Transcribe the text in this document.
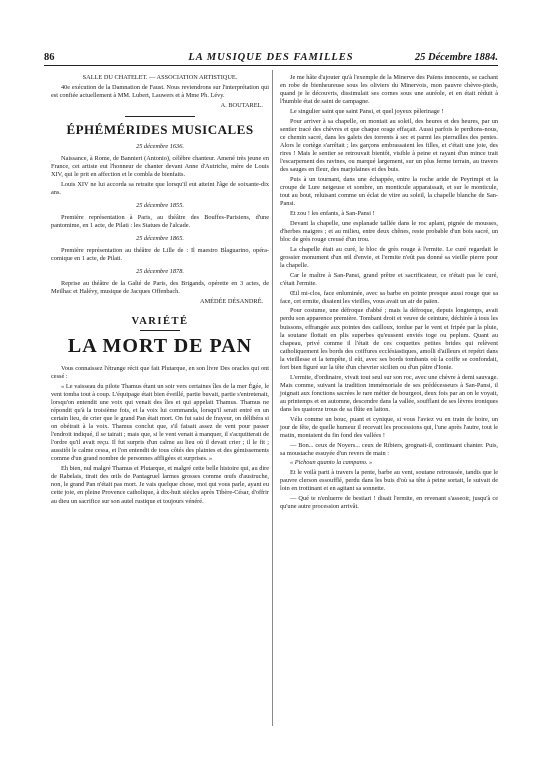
86	LA MUSIQUE DES FAMILLES	25 Décembre 1884.

SALLE DU CHATELET. — ASSOCIATION ARTISTIQUE.

40e exécution de la Damnation de Faust. Nous reviendrons sur l'interprétation qui est confiée actuellement à MM. Lubert, Lauwers et à Mme Ph. Lévy.

A. BOUTAREL.

ÉPHÉMÉRIDES MUSICALES

25 décembre 1636.

Naissance, à Rome, de Bannieri (Antonio), célèbre chanteur. Amené très jeune en France, cet artiste eut l'honneur de chanter devant Anne d'Autriche, mère de Louis XIV, qui le prit en affection et le combla de bienfaits.

Louis XIV ne lui accorda sa retraite que lorsqu'il eut atteint l'âge de soixante-dix ans.

25 décembre 1855.

Première représentation à Paris, au théâtre des Bouffes-Parisiens, d'une pantomime, en 1 acte, de Pilati : les Statues de l'alcade.

25 décembre 1865.

Première représentation au théâtre de Lille de : Il maestro Blaguarino, opéra-comique en 1 acte, de Pilati.

25 décembre 1878.

Reprise au théâtre de la Gaîté de Paris, des Brigands, opérette en 3 actes, de Meilhac et Halévy, musique de Jacques Offenbach.

AMÉDÉE DÉSANDRÉ.

VARIÉTÉ
LA MORT DE PAN

Vous connaissez l'étrange récit que fait Plutarque, en son livre Des oracles qui ont cessé :

« Le vaisseau du pilote Thamus étant un soir vers certaines îles de la mer Égée, le vent tomba tout à coup. L'équipage était bien éveillé, partie buvait, partie s'entretenait, lorsqu'on entendit une voix qui venait des îles et qui appelait Thamus. Thamus ne répondit qu'à la troisième fois, et la voix lui commanda, lorsqu'il serait entré en un certain lieu, de crier que le grand Pan était mort. On fut saisi de frayeur, on délibéra si on obéirait à la voix. Thamus conclut que, s'il faisait assez de vent pour passer l'endroit indiqué, il se tairait ; mais que, si le vent venait à manquer, il s'acquitterait de l'ordre qu'il avait reçu. Il fut surpris d'un calme au lieu où il devait crier ; il le fit ; aussitôt le calme cessa, et l'on entendit de tous côtés des plaintes et des gémissements comme d'un grand nombre de personnes affligées et surprises. »

Eh bien, nul malgré Thamus et Plutarque, et malgré cette belle histoire qui, au dire de Rabelais, tirait des œils de Pantagruel larmes grosses comme œufs d'austruche, non, le grand Pan n'était pas mort. Je vais quelque chose, moi qui vous parle, ayant eu cette joie, en pleine Provence catholique, à dix-huit siècles après Tibère-César, d'offrir au dieu un sacrifice sur son autel rustique et toujours vénéré.

Je me hâte d'ajouter qu'à l'exemple de la Minerve des Païens innocents, se cachant en robe de bienheureuse sous les oliviers du Minervois, mon pauvre chèvre-pieds, quand je le découvris, dissimulait ses cornes sous une auréole, et en était réduit à l'humble état de saint de campagne.

Le singulier saint que saint Pansi, et quel joyeux pèlerinage !

Pour arriver à sa chapelle, on montait au soleil, des heures et des heures, par un sentier tracé des chèvres et que chaque orage effaçait. Aussi parfois le perdions-nous, ce chemin sacré, dans les galets des torrents à sec et parmi les pierrailles des pentes. Alors le cortège s'arrêtait ; les garçons embrassaient les filles, et c'était une joie, des rires ! Mais le sentier se retrouvait bientôt, visible à peine et rayant d'un mince trait l'escarpement des ravines, ou marqué largement, sur un plus ferme terrain, au travers des sauges en fleur, des marjolaines et des buis.

Puis à un tournant, dans une échappée, entre la roche aride de Peyrimpi et la croupe de Lure neigeuse et sombre, un monticule apparaissait, et sur le monticule, tout au bout, reluisant comme un éclat de vitre au soleil, la chapelle blanche de San-Pansi.

Et zou ! les enfants, à San-Pansi !

Devant la chapelle, une esplanade taillée dans le roc aplani, pignée de mousses, d'herbes maigres ; et au milieu, entre deux chênes, reste probable d'un bois sacré, un bloc de grès rouge creusé d'un trou.

La chapelle était au curé, le bloc de grès rouge à l'ermite. Le curé regardait le grossier monument d'un œil d'envie, et l'ermite n'eût pas donné sa vieille pierre pour la chapelle.

Car le maître à San-Pansi, grand prêtre et sacrificateur, ce n'était pas le curé, c'était l'ermite.

Œil mi-clos, face enluminée, avec sa barbe en pointe presque aussi rouge que sa face, cet ermite, disaient les vieilles, vous avait un air de païen.

Pour costume, une défroque d'abbé ; mais la défroque, depuis longtemps, avait perdu son apparence première. Tombant droit et veuve de ceinture, déchirée à tous les buissons, effrangée aux pointes des cailloux, tordue par le vent et fripée par la pluie, la soutane flottait en plis superbes qu'eussent enviés toge ou peplum. Quant au chapeau, privé comme il l'était de ces coquettes petites brides qui relèvent catholiquement les bords des coiffures ecclésiastiques, amolli d'ailleurs et repétri dans la vieillesse et la tempête, il eût, avec ses bords tombants où la coiffe se confondait, fort bien figuré sur la tête d'un chevrier sicilien ou d'un pâtre d'Ionie.

L'ermite, d'ordinaire, vivait tout seul sur son roc, avec une chèvre à demi sauvage. Mais comme, suivant la tradition immémoriale de ses prédécesseurs à San-Pansi, il joignait aux fonctions sacrées le rare métier de bourgeoi, deux fois par an on le voyait, au printemps et en automne, descendre dans la vallée, soufflant de ses lèvres ironiques dans les quatorze trous de sa flûte en laiton.

Vélu comme un bouc, puant et cynique, si vous l'aviez vu en train de boire, un jour de fête, de quelle humeur il recevait les processions qui, l'une après l'autre, tout le matin, montaient du fin fond des vallées !

— Bon... ceux de Noyers... ceux de Ribiers, grognait-il, continuant chanter. Puis, sa moustache essuyée d'un revers de main :

« Pichoun quanto la campano. »

Et le voilà parti à travers la pente, barbe au vent, soutane retroussée, tandis que le pauvre clerson essoufflé, perdu dans les buis d'où sa tête à peine sortait, le suivait de loin en trottinant et en agitant sa sonnette.

— Qué te n'enluerre de bestiari ! disait l'ermite, en revenant s'asseoir, jusqu'à ce qu'une autre procession arrivât.
